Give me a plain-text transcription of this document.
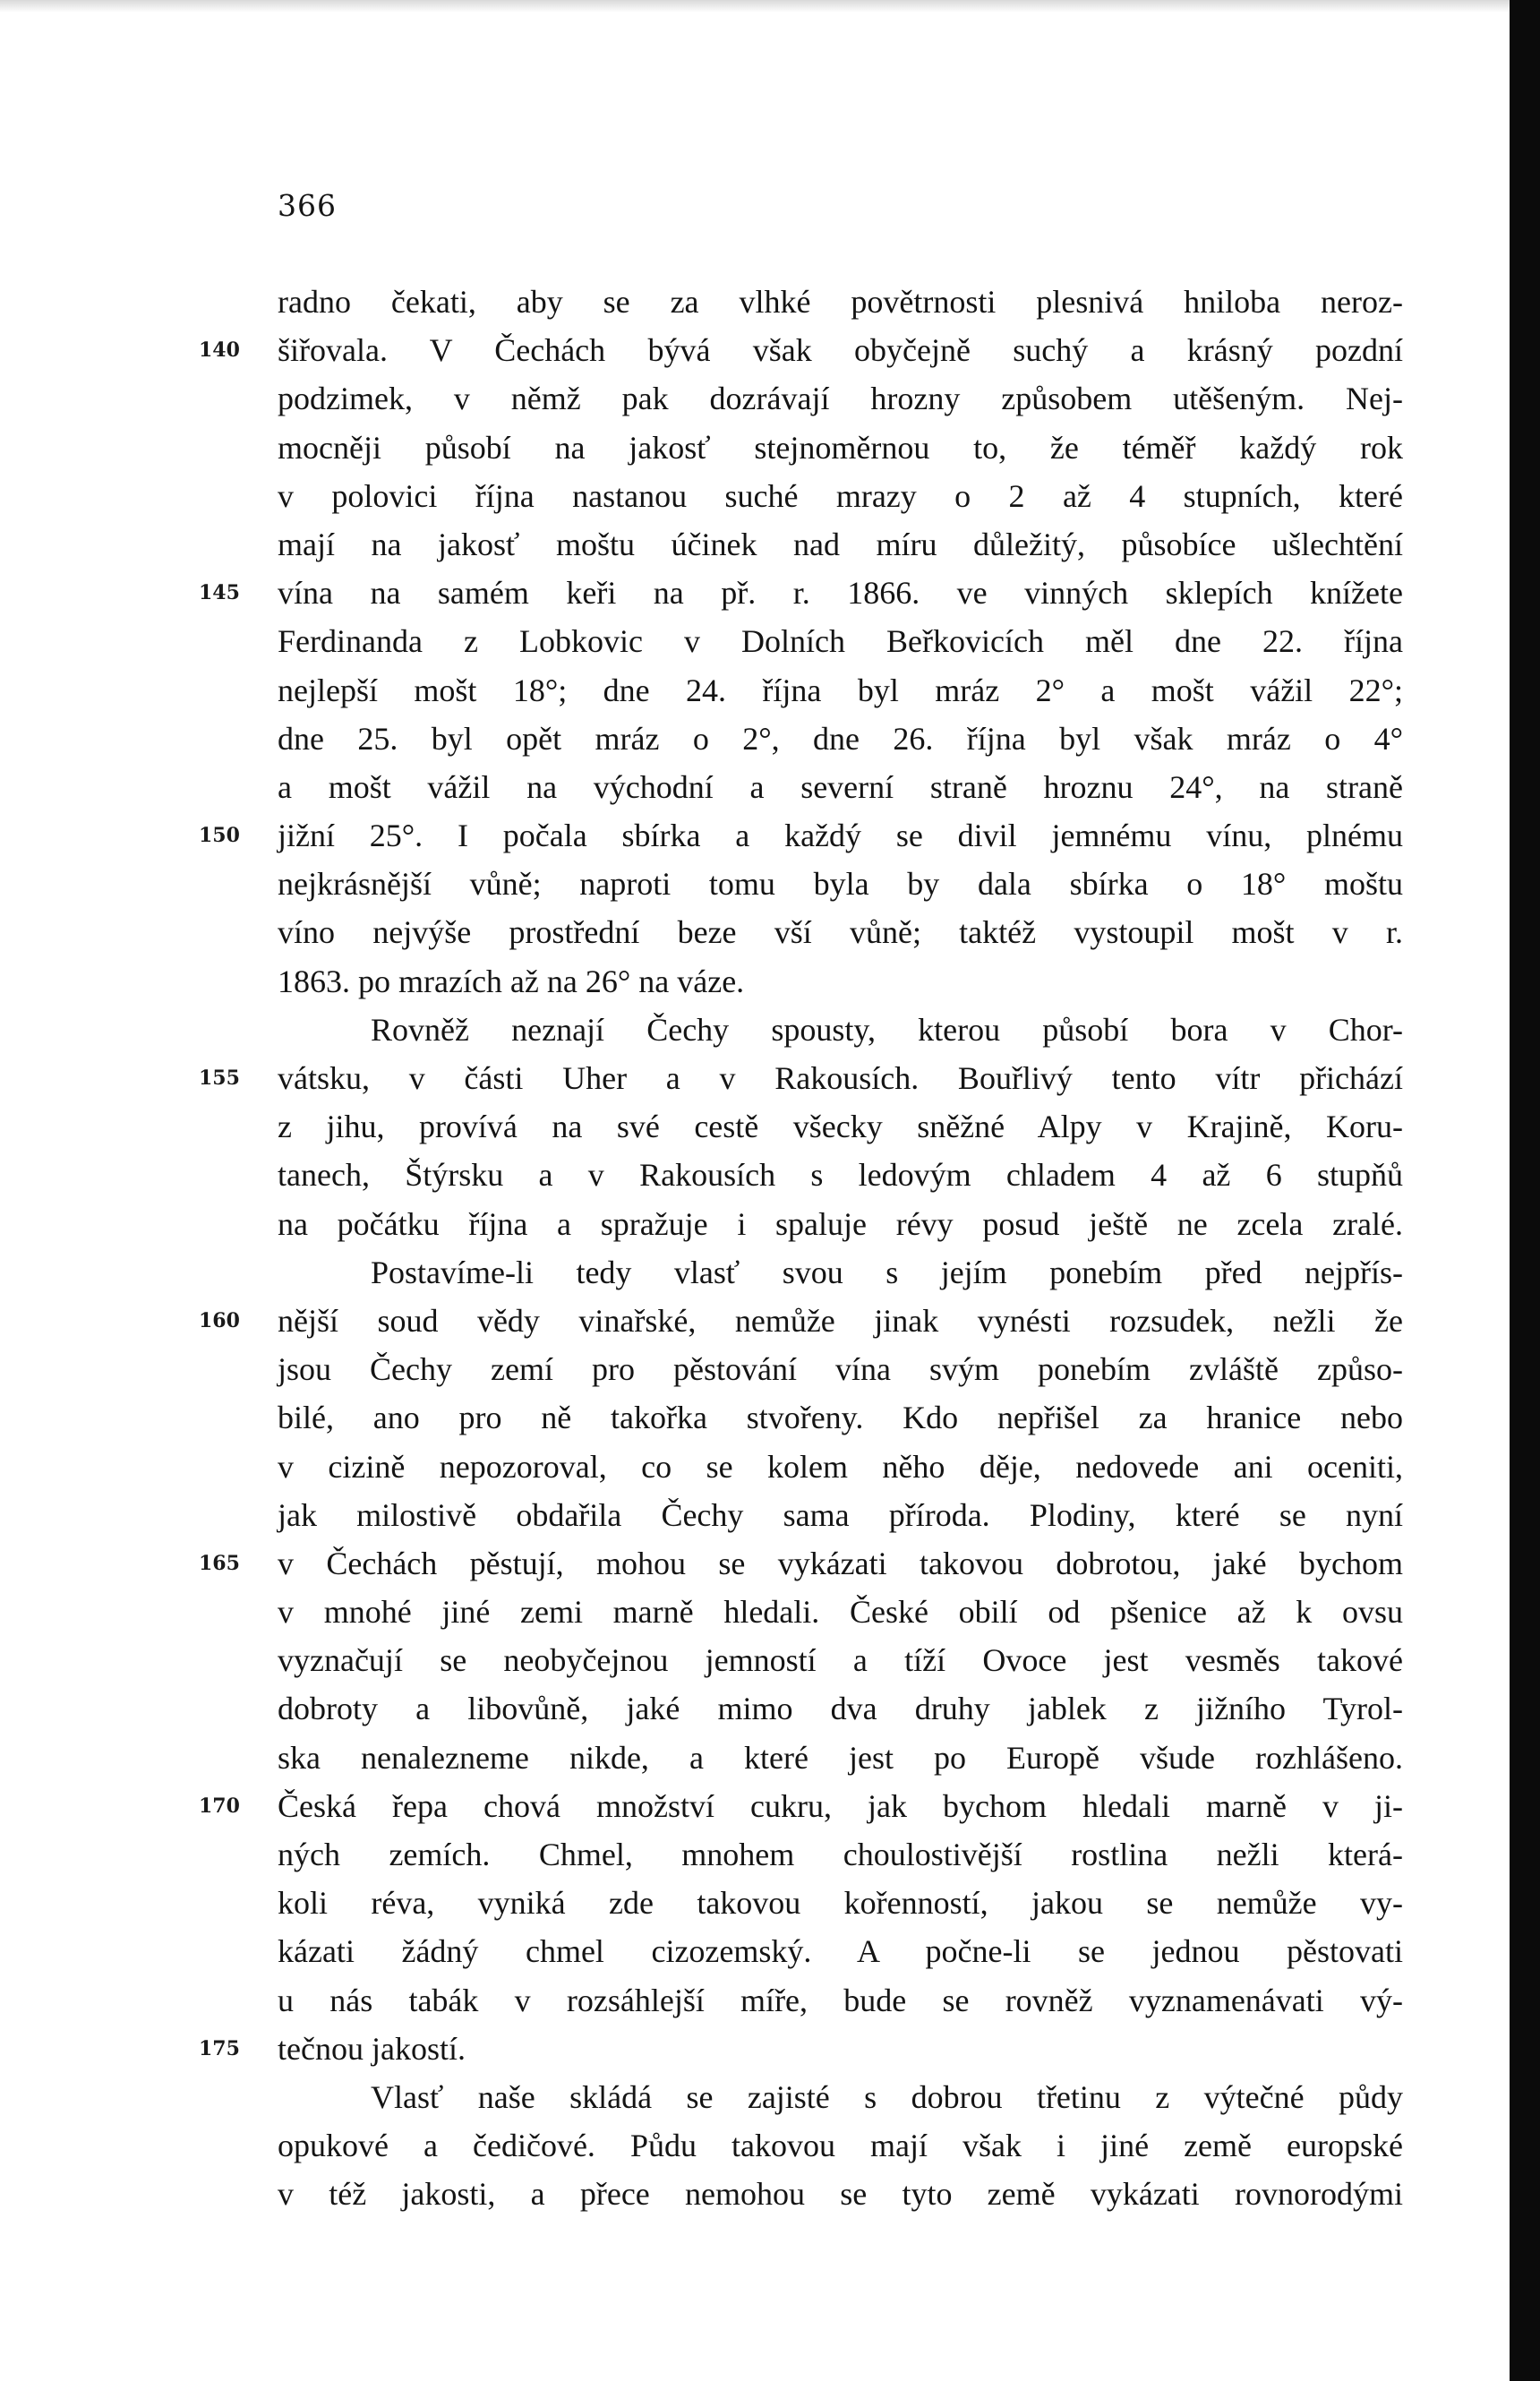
366
radno čekati, aby se za vlhké povětrnosti plesnivá hniloba neroz-
šiřovala. V Čechách bývá však obyčejně suchý a krásný pozdní
140
podzimek, v němž pak dozrávají hrozny způsobem utěšeným. Nej-
mocněji působí na jakosť stejnoměrnou to, že téměř každý rok
v polovici října nastanou suché mrazy o 2 až 4 stupních, které
mají na jakosť moštu účinek nad míru důležitý, působíce ušlechtění
vína na samém keři na př. r. 1866. ve vinných sklepích knížete
145
Ferdinanda z Lobkovic v Dolních Beřkovicích měl dne 22. října
nejlepší mošt 18°; dne 24. října byl mráz 2° a mošt vážil 22°;
dne 25. byl opět mráz o 2°, dne 26. října byl však mráz o 4°
a mošt vážil na východní a severní straně hroznu 24°, na straně
jižní 25°. I počala sbírka a každý se divil jemnému vínu, plnému
150
nejkrásnější vůně; naproti tomu byla by dala sbírka o 18° moštu
víno nejvýše prostřední beze vší vůně; taktéž vystoupil mošt v r.
1863. po mrazích až na 26° na váze.
Rovněž neznají Čechy spousty, kterou působí bora v Chor-
vátsku, v části Uher a v Rakousích. Bouřlivý tento vítr přichází
155
z jihu, provívá na své cestě všecky sněžné Alpy v Krajině, Koru-
tanech, Štýrsku a v Rakousích s ledovým chladem 4 až 6 stupňů
na počátku října a spražuje i spaluje révy posud ještě ne zcela zralé.
Postavíme-li tedy vlasť svou s jejím ponebím před nejpřís-
nější soud vědy vinařské, nemůže jinak vynésti rozsudek, nežli že
160
jsou Čechy zemí pro pěstování vína svým ponebím zvláště způso-
bilé, ano pro ně takořka stvořeny. Kdo nepřišel za hranice nebo
v cizině nepozoroval, co se kolem něho děje, nedovede ani oceniti,
jak milostivě obdařila Čechy sama příroda. Plodiny, které se nyní
v Čechách pěstují, mohou se vykázati takovou dobrotou, jaké bychom
165
v mnohé jiné zemi marně hledali. České obilí od pšenice až k ovsu
vyznačují se neobyčejnou jemností a tíží Ovoce jest vesměs takové
dobroty a libovůně, jaké mimo dva druhy jablek z jižního Tyrol-
ska nenalezneme nikde, a které jest po Europě všude rozhlášeno.
Česká řepa chová množství cukru, jak bychom hledali marně v ji-
170
ných zemích. Chmel, mnohem choulostivější rostlina nežli která-
koli réva, vyniká zde takovou kořenností, jakou se nemůže vy-
kázati žádný chmel cizozemský. A počne-li se jednou pěstovati
u nás tabák v rozsáhlejší míře, bude se rovněž vyznamenávati vý-
tečnou jakostí.
175
Vlasť naše skládá se zajisté s dobrou třetinu z výtečné půdy
opukové a čedičové. Půdu takovou mají však i jiné země europské
v též jakosti, a přece nemohou se tyto země vykázati rovnorodými
